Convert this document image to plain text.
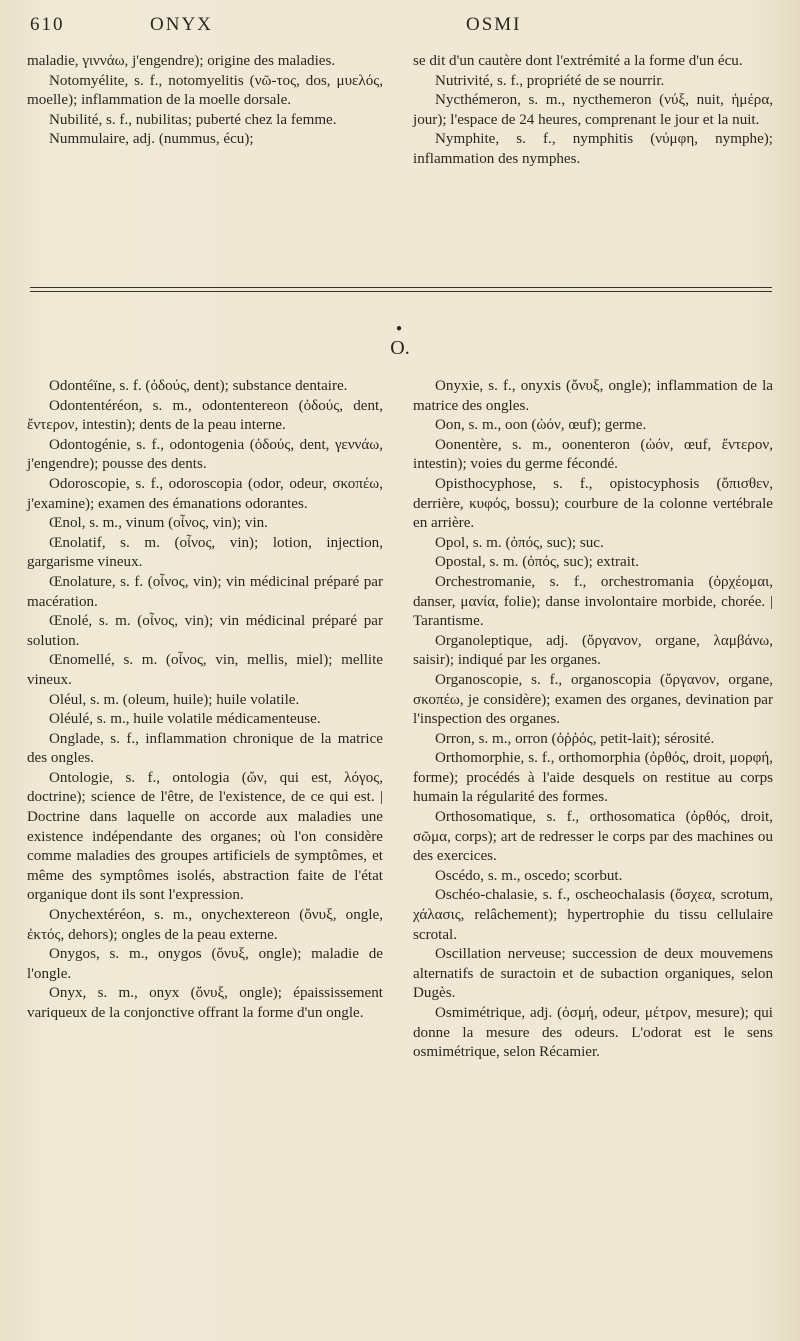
610	ONYX	OSMI

maladie, γιννάω, j'engendre); origine des maladies.

Notomyélite, s. f., notomyelitis (νῶ-τος, dos, μυελός, moelle); inflammation de la moelle dorsale.

Nubilité, s. f., nubilitas; puberté chez la femme.

Nummulaire, adj. (nummus, écu);

se dit d'un cautère dont l'extrémité a la forme d'un écu.

Nutrivité, s. f., propriété de se nourrir.

Nycthémeron, s. m., nycthemeron (νύξ, nuit, ἡμέρα, jour); l'espace de 24 heures, comprenant le jour et la nuit.

Nymphite, s. f., nymphitis (νύμφη, nymphe); inflammation des nymphes.

●
O.

Odontéïne, s. f. (ὀδούς, dent); substance dentaire.

Odontentéréon, s. m., odontentereon (ὀδούς, dent, ἔντερον, intestin); dents de la peau interne.

Odontogénie, s. f., odontogenia (ὀδούς, dent, γεννάω, j'engendre); pousse des dents.

Odoroscopie, s. f., odoroscopia (odor, odeur, σκοπέω, j'examine); examen des émanations odorantes.

Œnol, s. m., vinum (οἶνος, vin); vin.

Œnolatif, s. m. (οἶνος, vin); lotion, injection, gargarisme vineux.

Œnolature, s. f. (οἶνος, vin); vin médicinal préparé par macération.

Œnolé, s. m. (οἶνος, vin); vin médicinal préparé par solution.

Œnomellé, s. m. (οἶνος, vin, mellis, miel); mellite vineux.

Oléul, s. m. (oleum, huile); huile volatile.

Oléulé, s. m., huile volatile médicamenteuse.

Onglade, s. f., inflammation chronique de la matrice des ongles.

Ontologie, s. f., ontologia (ὤν, qui est, λόγος, doctrine); science de l'être, de l'existence, de ce qui est. | Doctrine dans laquelle on accorde aux maladies une existence indépendante des organes; où l'on considère comme maladies des groupes artificiels de symptômes, et même des symptômes isolés, abstraction faite de l'état organique dont ils sont l'expression.

Onychextéréon, s. m., onychextereon (ὄνυξ, ongle, ἐκτός, dehors); ongles de la peau externe.

Onygos, s. m., onygos (ὄνυξ, ongle); maladie de l'ongle.

Onyx, s. m., onyx (ὄνυξ, ongle); épaississement variqueux de la conjonctive offrant la forme d'un ongle.

Onyxie, s. f., onyxis (ὄνυξ, ongle); inflammation de la matrice des ongles.

Oon, s. m., oon (ὠόν, œuf); germe.

Oonentère, s. m., oonenteron (ὠόν, œuf, ἔντερον, intestin); voies du germe fécondé.

Opisthocyphose, s. f., opistocyphosis (ὄπισθεν, derrière, κυφός, bossu); courbure de la colonne vertébrale en arrière.

Opol, s. m. (ὀπός, suc); suc.

Opostal, s. m. (ὀπός, suc); extrait.

Orchestromanie, s. f., orchestromania (ὀρχέομαι, danser, μανία, folie); danse involontaire morbide, chorée. | Tarantisme.

Organoleptique, adj. (ὄργανον, organe, λαμβάνω, saisir); indiqué par les organes.

Organoscopie, s. f., organoscopia (ὄργανον, organe, σκοπέω, je considère); examen des organes, devination par l'inspection des organes.

Orron, s. m., orron (ὀῤῥός, petit-lait); sérosité.

Orthomorphie, s. f., orthomorphia (ὀρθός, droit, μορφή, forme); procédés à l'aide desquels on restitue au corps humain la régularité des formes.

Orthosomatique, s. f., orthosomatica (ὀρθός, droit, σῶμα, corps); art de redresser le corps par des machines ou des exercices.

Oscédo, s. m., oscedo; scorbut.

Oschéo-chalasie, s. f., oscheochalasis (ὄσχεα, scrotum, χάλασις, relâchement); hypertrophie du tissu cellulaire scrotal.

Oscillation nerveuse; succession de deux mouvemens alternatifs de suractoin et de subaction organiques, selon Dugès.

Osmimétrique, adj. (ὀσμή, odeur, μέτρον, mesure); qui donne la mesure des odeurs. L'odorat est le sens osmimétrique, selon Récamier.
